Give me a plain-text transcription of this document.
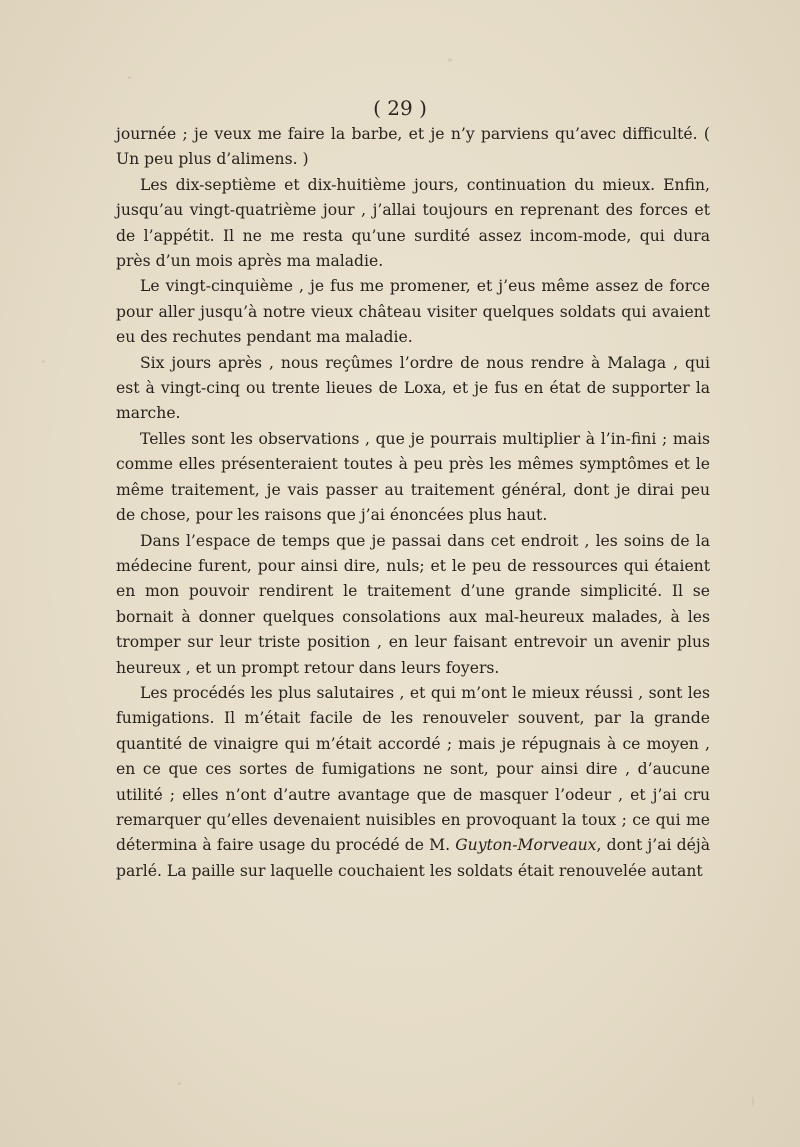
( 29 )

journée ; je veux me faire la barbe, et je n’y parviens qu’avec difficulté. ( Un peu plus d’alimens. )

Les dix-septième et dix-huitième jours, continuation du mieux. Enfin, jusqu’au vingt-quatrième jour , j’allai toujours en reprenant des forces et de l’appétit. Il ne me resta qu’une surdité assez incom-mode, qui dura près d’un mois après ma maladie.

Le vingt-cinquième , je fus me promener, et j’eus même assez de force pour aller jusqu’à notre vieux château visiter quelques soldats qui avaient eu des rechutes pendant ma maladie.

Six jours après , nous reçûmes l’ordre de nous rendre à Malaga , qui est à vingt-cinq ou trente lieues de Loxa, et je fus en état de supporter la marche.

Telles sont les observations , que je pourrais multiplier à l’in-fini ; mais comme elles présenteraient toutes à peu près les mêmes symptômes et le même traitement, je vais passer au traitement général, dont je dirai peu de chose, pour les raisons que j’ai énoncées plus haut.

Dans l’espace de temps que je passai dans cet endroit , les soins de la médecine furent, pour ainsi dire, nuls; et le peu de ressources qui étaient en mon pouvoir rendirent le traitement d’une grande simplicité. Il se bornait à donner quelques consolations aux mal-heureux malades, à les tromper sur leur triste position , en leur faisant entrevoir un avenir plus heureux , et un prompt retour dans leurs foyers.

Les procédés les plus salutaires , et qui m’ont le mieux réussi , sont les fumigations. Il m’était facile de les renouveler souvent, par la grande quantité de vinaigre qui m’était accordé ; mais je répugnais à ce moyen , en ce que ces sortes de fumigations ne sont, pour ainsi dire , d’aucune utilité ; elles n’ont d’autre avantage que de masquer l’odeur , et j’ai cru remarquer qu’elles devenaient nuisibles en provoquant la toux ; ce qui me détermina à faire usage du procédé de M. Guyton-Morveaux, dont j’ai déjà parlé. La paille sur laquelle couchaient les soldats était renouvelée autant
